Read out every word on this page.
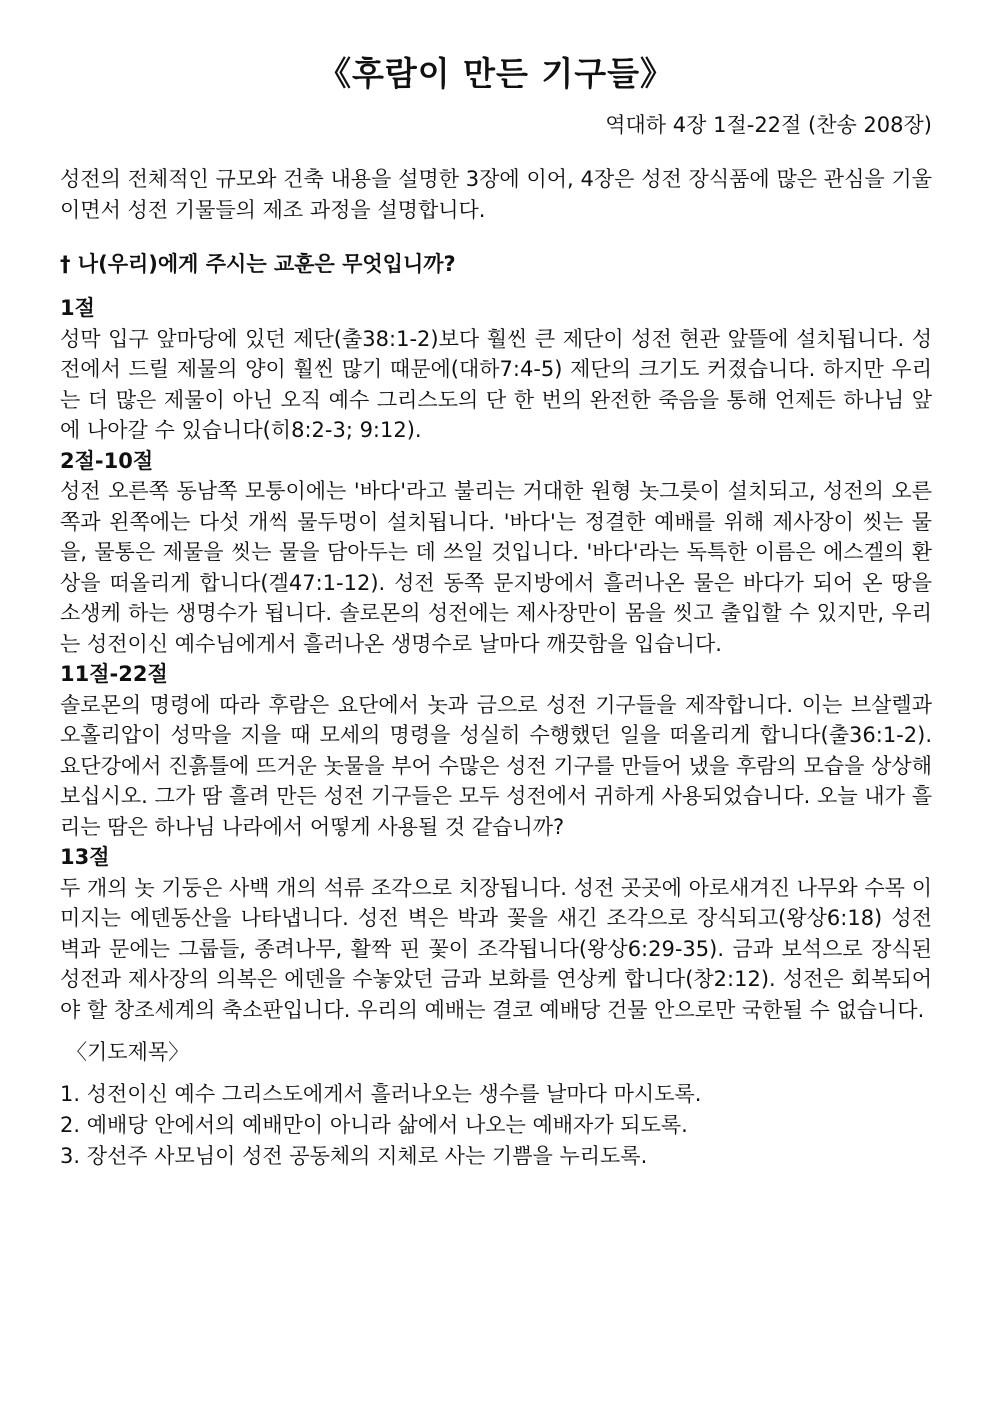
《후람이 만든 기구들》
역대하 4장 1절-22절 (찬송 208장)

성전의 전체적인 규모와 건축 내용을 설명한 3장에 이어, 4장은 성전 장식품에 많은 관심을 기울이면서 성전 기물들의 제조 과정을 설명합니다.

† 나(우리)에게 주시는 교훈은 무엇입니까?
1절

성막 입구 앞마당에 있던 제단(출38:1-2)보다 훨씬 큰 제단이 성전 현관 앞뜰에 설치됩니다. 성전에서 드릴 제물의 양이 훨씬 많기 때문에(대하7:4-5) 제단의 크기도 커졌습니다. 하지만 우리는 더 많은 제물이 아닌 오직 예수 그리스도의 단 한 번의 완전한 죽음을 통해 언제든 하나님 앞에 나아갈 수 있습니다(히8:2-3; 9:12).

2절-10절

성전 오른쪽 동남쪽 모퉁이에는 '바다'라고 불리는 거대한 원형 놋그릇이 설치되고, 성전의 오른쪽과 왼쪽에는 다섯 개씩 물두멍이 설치됩니다. '바다'는 정결한 예배를 위해 제사장이 씻는 물을, 물통은 제물을 씻는 물을 담아두는 데 쓰일 것입니다. '바다'라는 독특한 이름은 에스겔의 환상을 떠올리게 합니다(겔47:1-12). 성전 동쪽 문지방에서 흘러나온 물은 바다가 되어 온 땅을 소생케 하는 생명수가 됩니다. 솔로몬의 성전에는 제사장만이 몸을 씻고 출입할 수 있지만, 우리는 성전이신 예수님에게서 흘러나온 생명수로 날마다 깨끗함을 입습니다.

11절-22절

솔로몬의 명령에 따라 후람은 요단에서 놋과 금으로 성전 기구들을 제작합니다. 이는 브살렐과 오홀리압이 성막을 지을 때 모세의 명령을 성실히 수행했던 일을 떠올리게 합니다(출36:1-2). 요단강에서 진흙틀에 뜨거운 놋물을 부어 수많은 성전 기구를 만들어 냈을 후람의 모습을 상상해 보십시오. 그가 땀 흘려 만든 성전 기구들은 모두 성전에서 귀하게 사용되었습니다. 오늘 내가 흘리는 땀은 하나님 나라에서 어떻게 사용될 것 같습니까?

13절

두 개의 놋 기둥은 사백 개의 석류 조각으로 치장됩니다. 성전 곳곳에 아로새겨진 나무와 수목 이미지는 에덴동산을 나타냅니다. 성전 벽은 박과 꽃을 새긴 조각으로 장식되고(왕상6:18) 성전 벽과 문에는 그룹들, 종려나무, 활짝 핀 꽃이 조각됩니다(왕상6:29-35). 금과 보석으로 장식된 성전과 제사장의 의복은 에덴을 수놓았던 금과 보화를 연상케 합니다(창2:12). 성전은 회복되어야 할 창조세계의 축소판입니다. 우리의 예배는 결코 예배당 건물 안으로만 국한될 수 없습니다.

〈기도제목〉
1. 성전이신 예수 그리스도에게서 흘러나오는 생수를 날마다 마시도록.
2. 예배당 안에서의 예배만이 아니라 삶에서 나오는 예배자가 되도록.
3. 장선주 사모님이 성전 공동체의 지체로 사는 기쁨을 누리도록.
